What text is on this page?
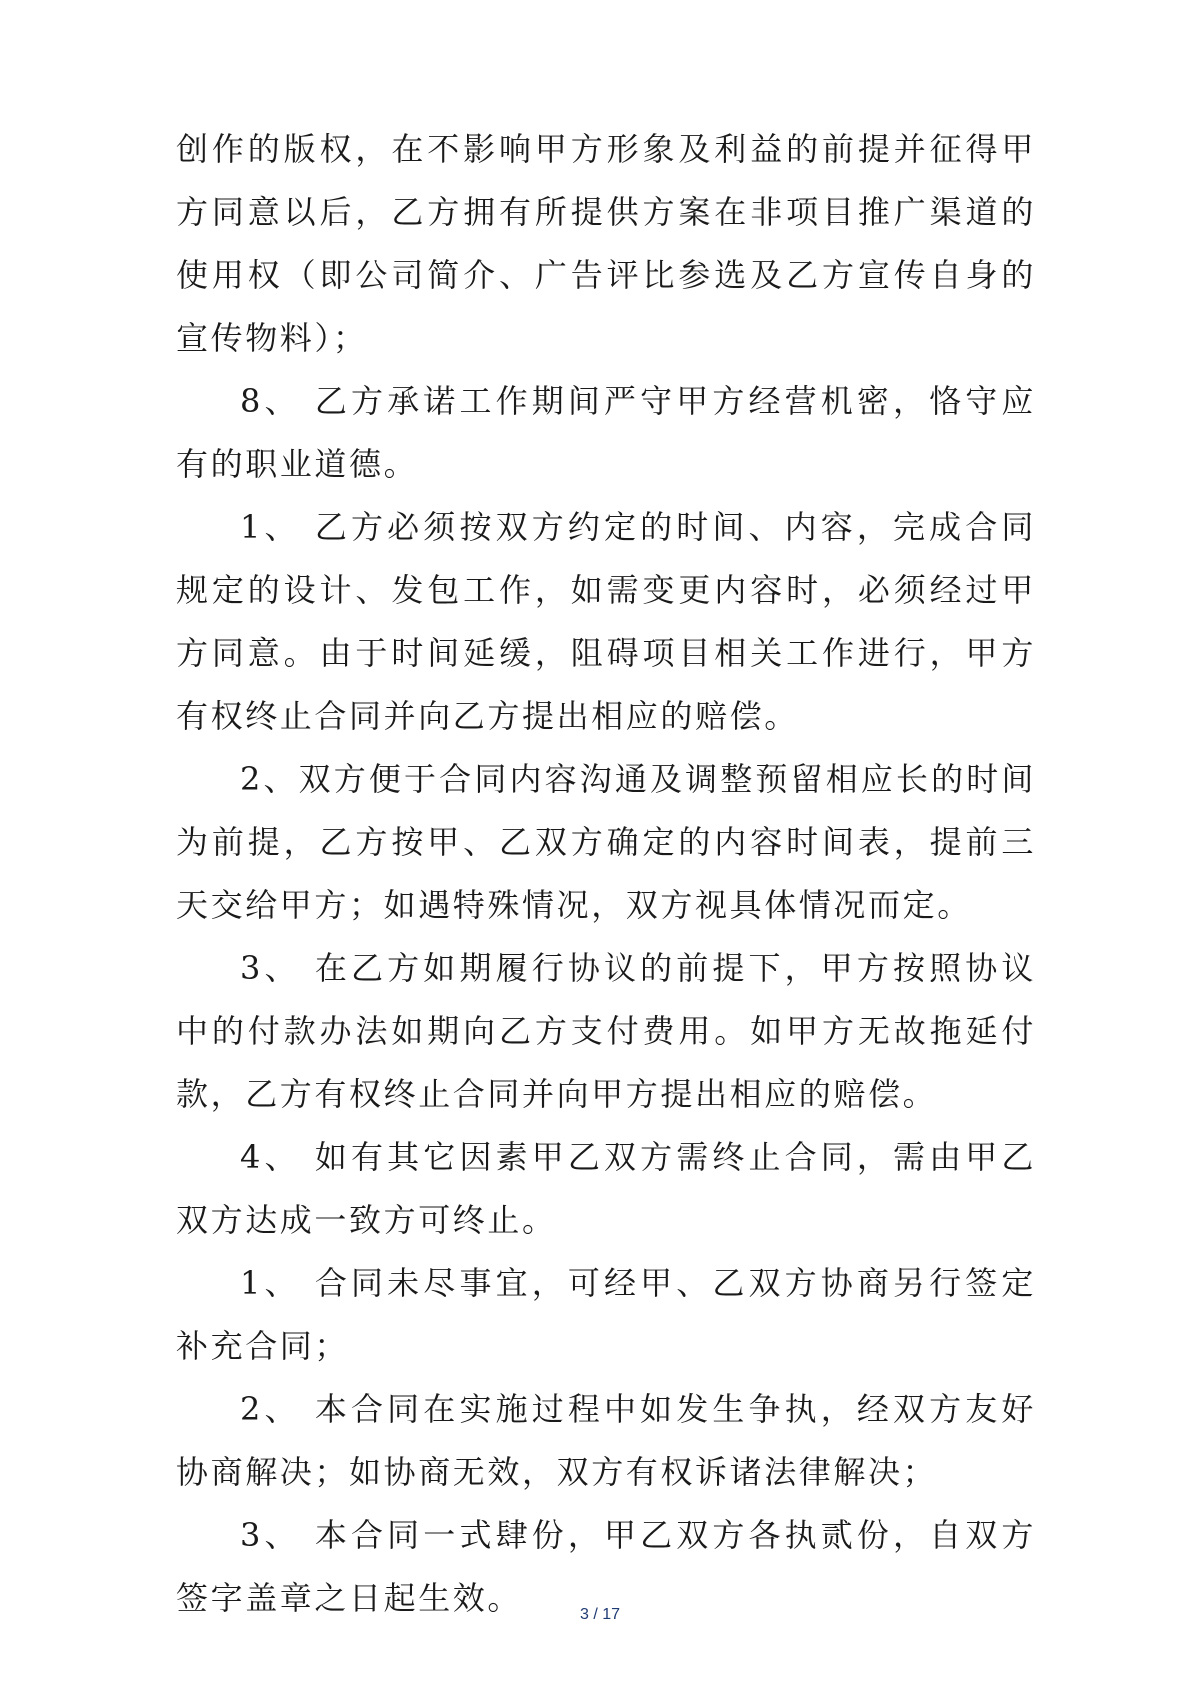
创作的版权，在不影响甲方形象及利益的前提并征得甲方同意以后，乙方拥有所提供方案在非项目推广渠道的使用权（即公司简介、广告评比参选及乙方宣传自身的宣传物料）；

8、 乙方承诺工作期间严守甲方经营机密，恪守应有的职业道德。

1、 乙方必须按双方约定的时间、内容，完成合同规定的设计、发包工作，如需变更内容时，必须经过甲方同意。由于时间延缓，阻碍项目相关工作进行，甲方有权终止合同并向乙方提出相应的赔偿。

2、双方便于合同内容沟通及调整预留相应长的时间为前提，乙方按甲、乙双方确定的内容时间表，提前三天交给甲方；如遇特殊情况，双方视具体情况而定。

3、 在乙方如期履行协议的前提下，甲方按照协议中的付款办法如期向乙方支付费用。如甲方无故拖延付款，乙方有权终止合同并向甲方提出相应的赔偿。

4、 如有其它因素甲乙双方需终止合同，需由甲乙双方达成一致方可终止。

1、 合同未尽事宜，可经甲、乙双方协商另行签定补充合同；

2、 本合同在实施过程中如发生争执，经双方友好协商解决；如协商无效，双方有权诉诸法律解决；

3、 本合同一式肆份，甲乙双方各执贰份，自双方签字盖章之日起生效。	3 / 17
